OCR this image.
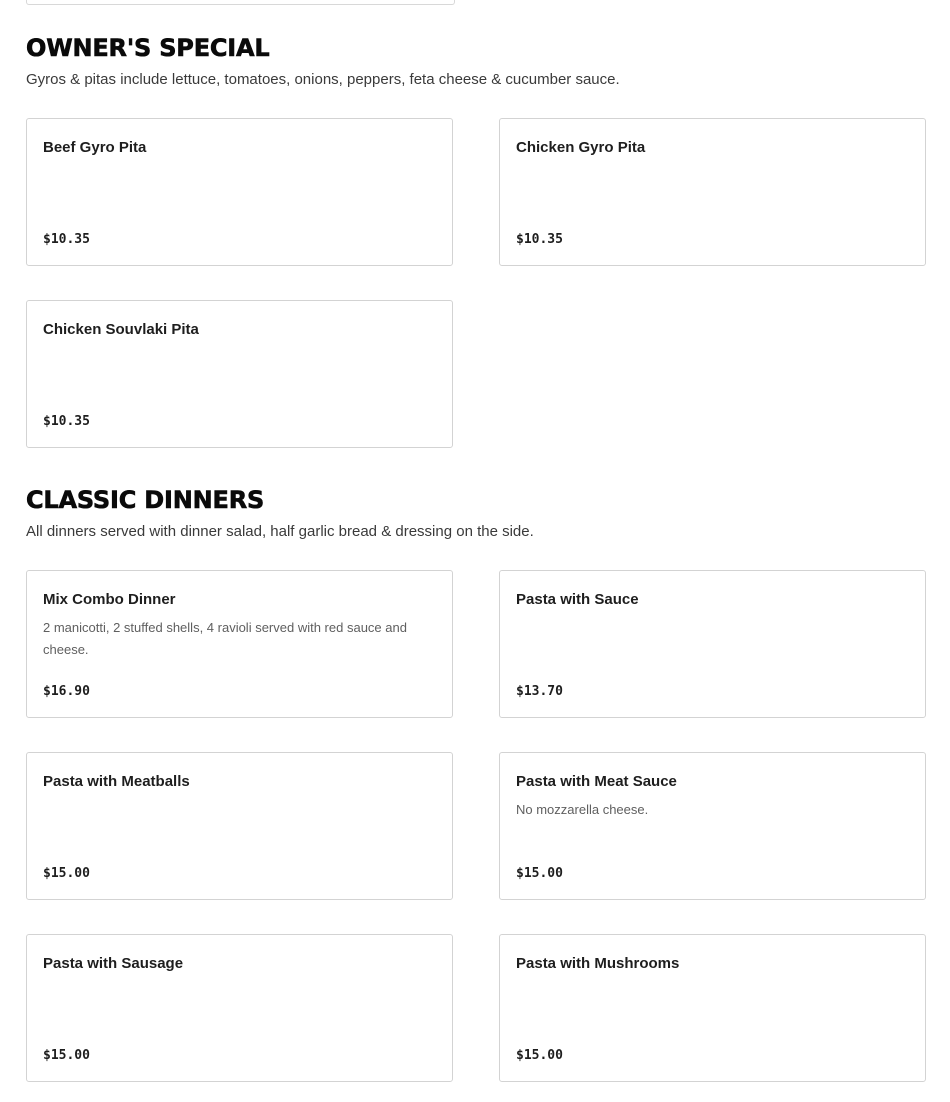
OWNER'S SPECIAL

Gyros & pitas include lettuce, tomatoes, onions, peppers, feta cheese & cucumber sauce.

Beef Gyro Pita
$10.35
Chicken Gyro Pita
$10.35
Chicken Souvlaki Pita
$10.35
CLASSIC DINNERS

All dinners served with dinner salad, half garlic bread & dressing on the side.

Mix Combo Dinner
2 manicotti, 2 stuffed shells, 4 ravioli served with red sauce and cheese.
$16.90
Pasta with Sauce
$13.70
Pasta with Meatballs
$15.00
Pasta with Meat Sauce
No mozzarella cheese.
$15.00
Pasta with Sausage
$15.00
Pasta with Mushrooms
$15.00
